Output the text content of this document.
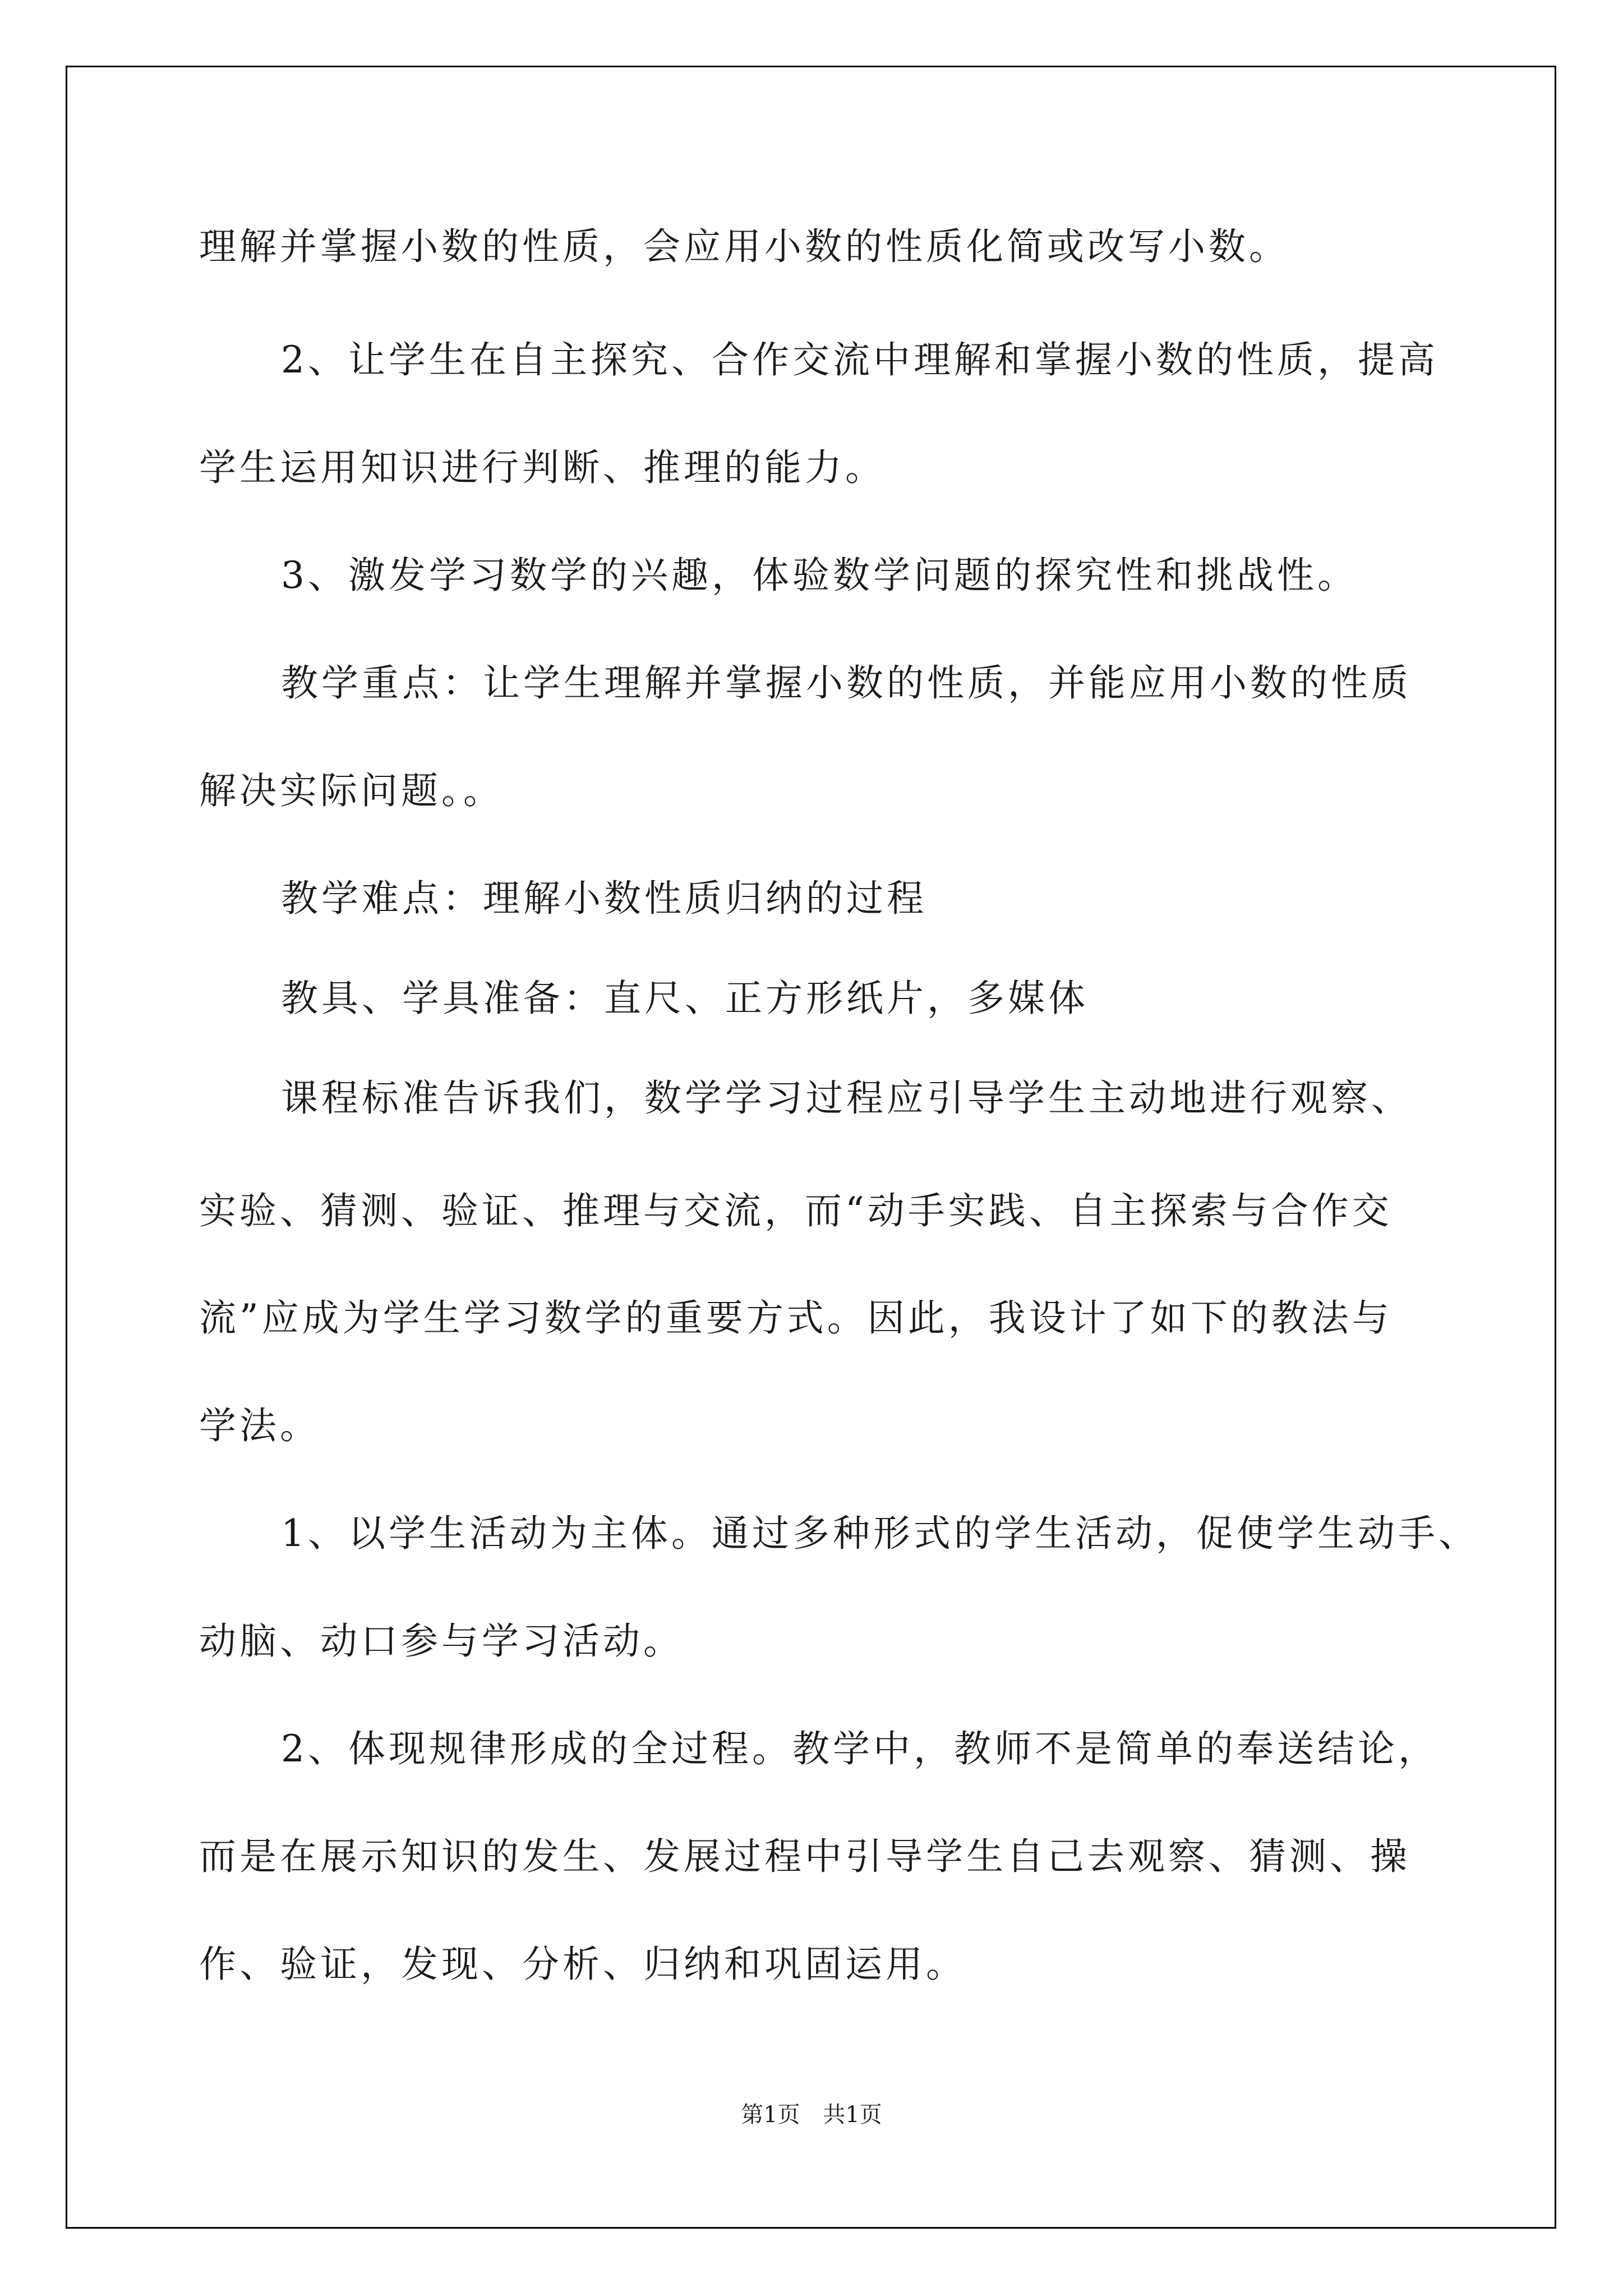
理解并掌握小数的性质，会应用小数的性质化简或改写小数。
2、让学生在自主探究、合作交流中理解和掌握小数的性质，提高
学生运用知识进行判断、推理的能力。
3、激发学习数学的兴趣，体验数学问题的探究性和挑战性。
教学重点：让学生理解并掌握小数的性质，并能应用小数的性质
解决实际问题。。
教学难点：理解小数性质归纳的过程
教具、学具准备：直尺、正方形纸片，多媒体
课程标准告诉我们，数学学习过程应引导学生主动地进行观察、
实验、猜测、验证、推理与交流，而“动手实践、自主探索与合作交
流”应成为学生学习数学的重要方式。因此，我设计了如下的教法与
学法。
1、以学生活动为主体。通过多种形式的学生活动，促使学生动手、
动脑、动口参与学习活动。
2、体现规律形成的全过程。教学中，教师不是简单的奉送结论，
而是在展示知识的发生、发展过程中引导学生自己去观察、猜测、操
作、验证，发现、分析、归纳和巩固运用。
第1页 共1页
